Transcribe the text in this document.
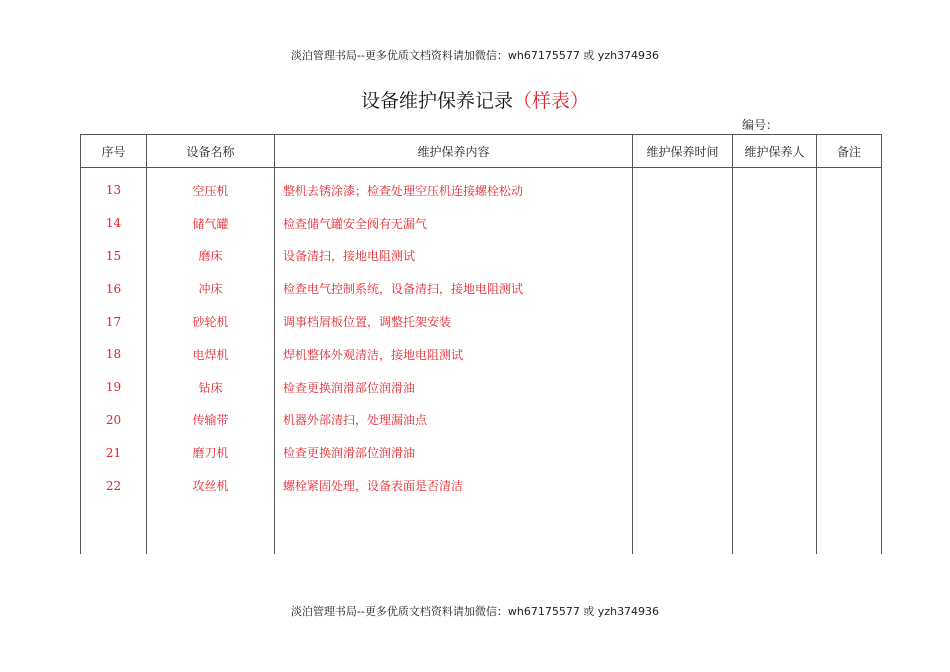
淡泊管理书局--更多优质文档资料请加微信：wh67175577 或 yzh374936
设备维护保养记录（样表）
编号：
序号	设备名称	维护保养内容	维护保养时间	维护保养人	备注
13	空压机	整机去锈涂漆；检查处理空压机连接螺栓松动			
14	储气罐	检查储气罐安全阀有无漏气			
15	磨床	设备清扫，接地电阻测试			
16	冲床	检查电气控制系统，设备清扫，接地电阻测试			
17	砂轮机	调事档屑板位置，调整托架安装			
18	电焊机	焊机整体外观清洁，接地电阻测试			
19	钻床	检查更换润滑部位润滑油			
20	传输带	机器外部清扫，处理漏油点			
21	磨刀机	检查更换润滑部位润滑油			
22	攻丝机	螺栓紧固处理，设备表面是否清洁			

淡泊管理书局--更多优质文档资料请加微信：wh67175577 或 yzh374936
